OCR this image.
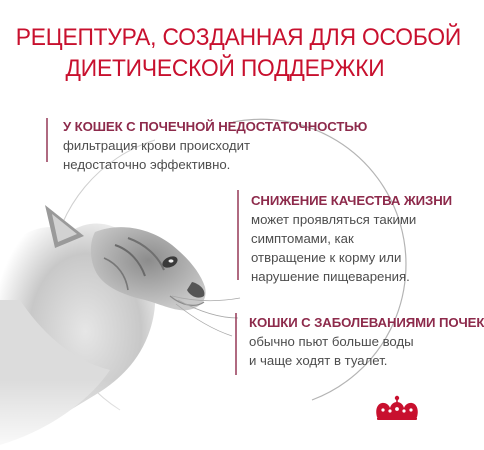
РЕЦЕПТУРА, СОЗДАННАЯ ДЛЯ ОСОБОЙ
ДИЕТИЧЕСКОЙ ПОДДЕРЖКИ
У КОШЕК С ПОЧЕЧНОЙ НЕДОСТАТОЧНОСТЬЮ
фильтрация крови происходит
недостаточно эффективно.
СНИЖЕНИЕ КАЧЕСТВА ЖИЗНИ
может проявляться такими
симптомами, как
отвращение к корму или
нарушение пищеварения.
КОШКИ С ЗАБОЛЕВАНИЯМИ ПОЧЕК
обычно пьют больше воды
и чаще ходят в туалет.
